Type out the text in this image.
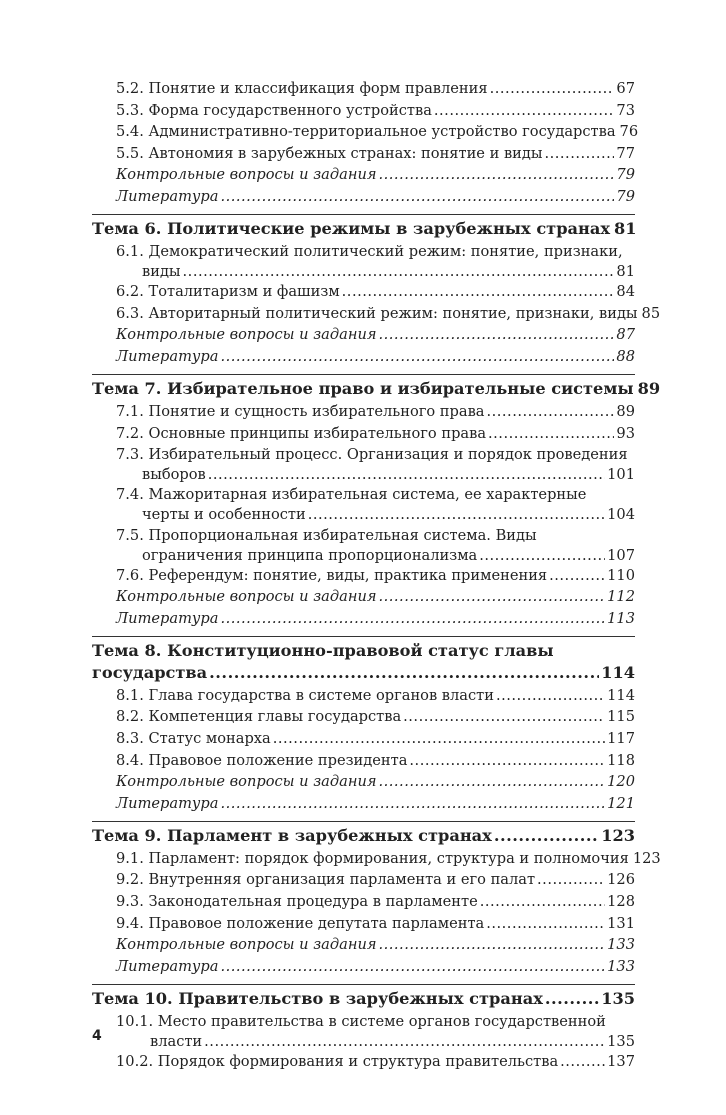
5.2. Понятие и классификация форм правления .....	67
5.3. Форма государственного устройства .....	73
5.4. Административно-территориальное устройство государства 76
5.5. Автономия в зарубежных странах: понятие и виды .....	77
Контрольные вопросы и задания .....	79
Литература .....	79
Тема 6. Политические режимы в зарубежных странах 81
6.1. Демократический политический режим: понятие, признаки,
виды .....	81
6.2. Тоталитаризм и фашизм .....	84
6.3. Авторитарный политический режим: понятие, признаки, виды 85
Контрольные вопросы и задания .....	87
Литература .....	88
Тема 7. Избирательное право и избирательные системы 89
7.1. Понятие и сущность избирательного права .....	89
7.2. Основные принципы избирательного права .....	93
7.3. Избирательный процесс. Организация и порядок проведения
выборов .....	101
7.4. Мажоритарная избирательная система, ее характерные
черты и особенности .....	104
7.5. Пропорциональная избирательная система. Виды
ограничения принципа пропорционализма .....	107
7.6. Референдум: понятие, виды, практика применения .....	110
Контрольные вопросы и задания .....	112
Литература .....	113
Тема 8. Конституционно-правовой статус главы
государства .....	114
8.1. Глава государства в системе органов власти .....	114
8.2. Компетенция главы государства .....	115
8.3. Статус монарха .....	117
8.4. Правовое положение президента .....	118
Контрольные вопросы и задания .....	120
Литература .....	121
Тема 9. Парламент в зарубежных странах .....	123
9.1. Парламент: порядок формирования, структура и полномочия 123
9.2. Внутренняя организация парламента и его палат .....	126
9.3. Законодательная процедура в парламенте .....	128
9.4. Правовое положение депутата парламента .....	131
Контрольные вопросы и задания .....	133
Литература .....	133
Тема 10. Правительство в зарубежных странах .....	135
10.1. Место правительства в системе органов государственной
власти .....	135
10.2. Порядок формирования и структура правительства .....	137
4
